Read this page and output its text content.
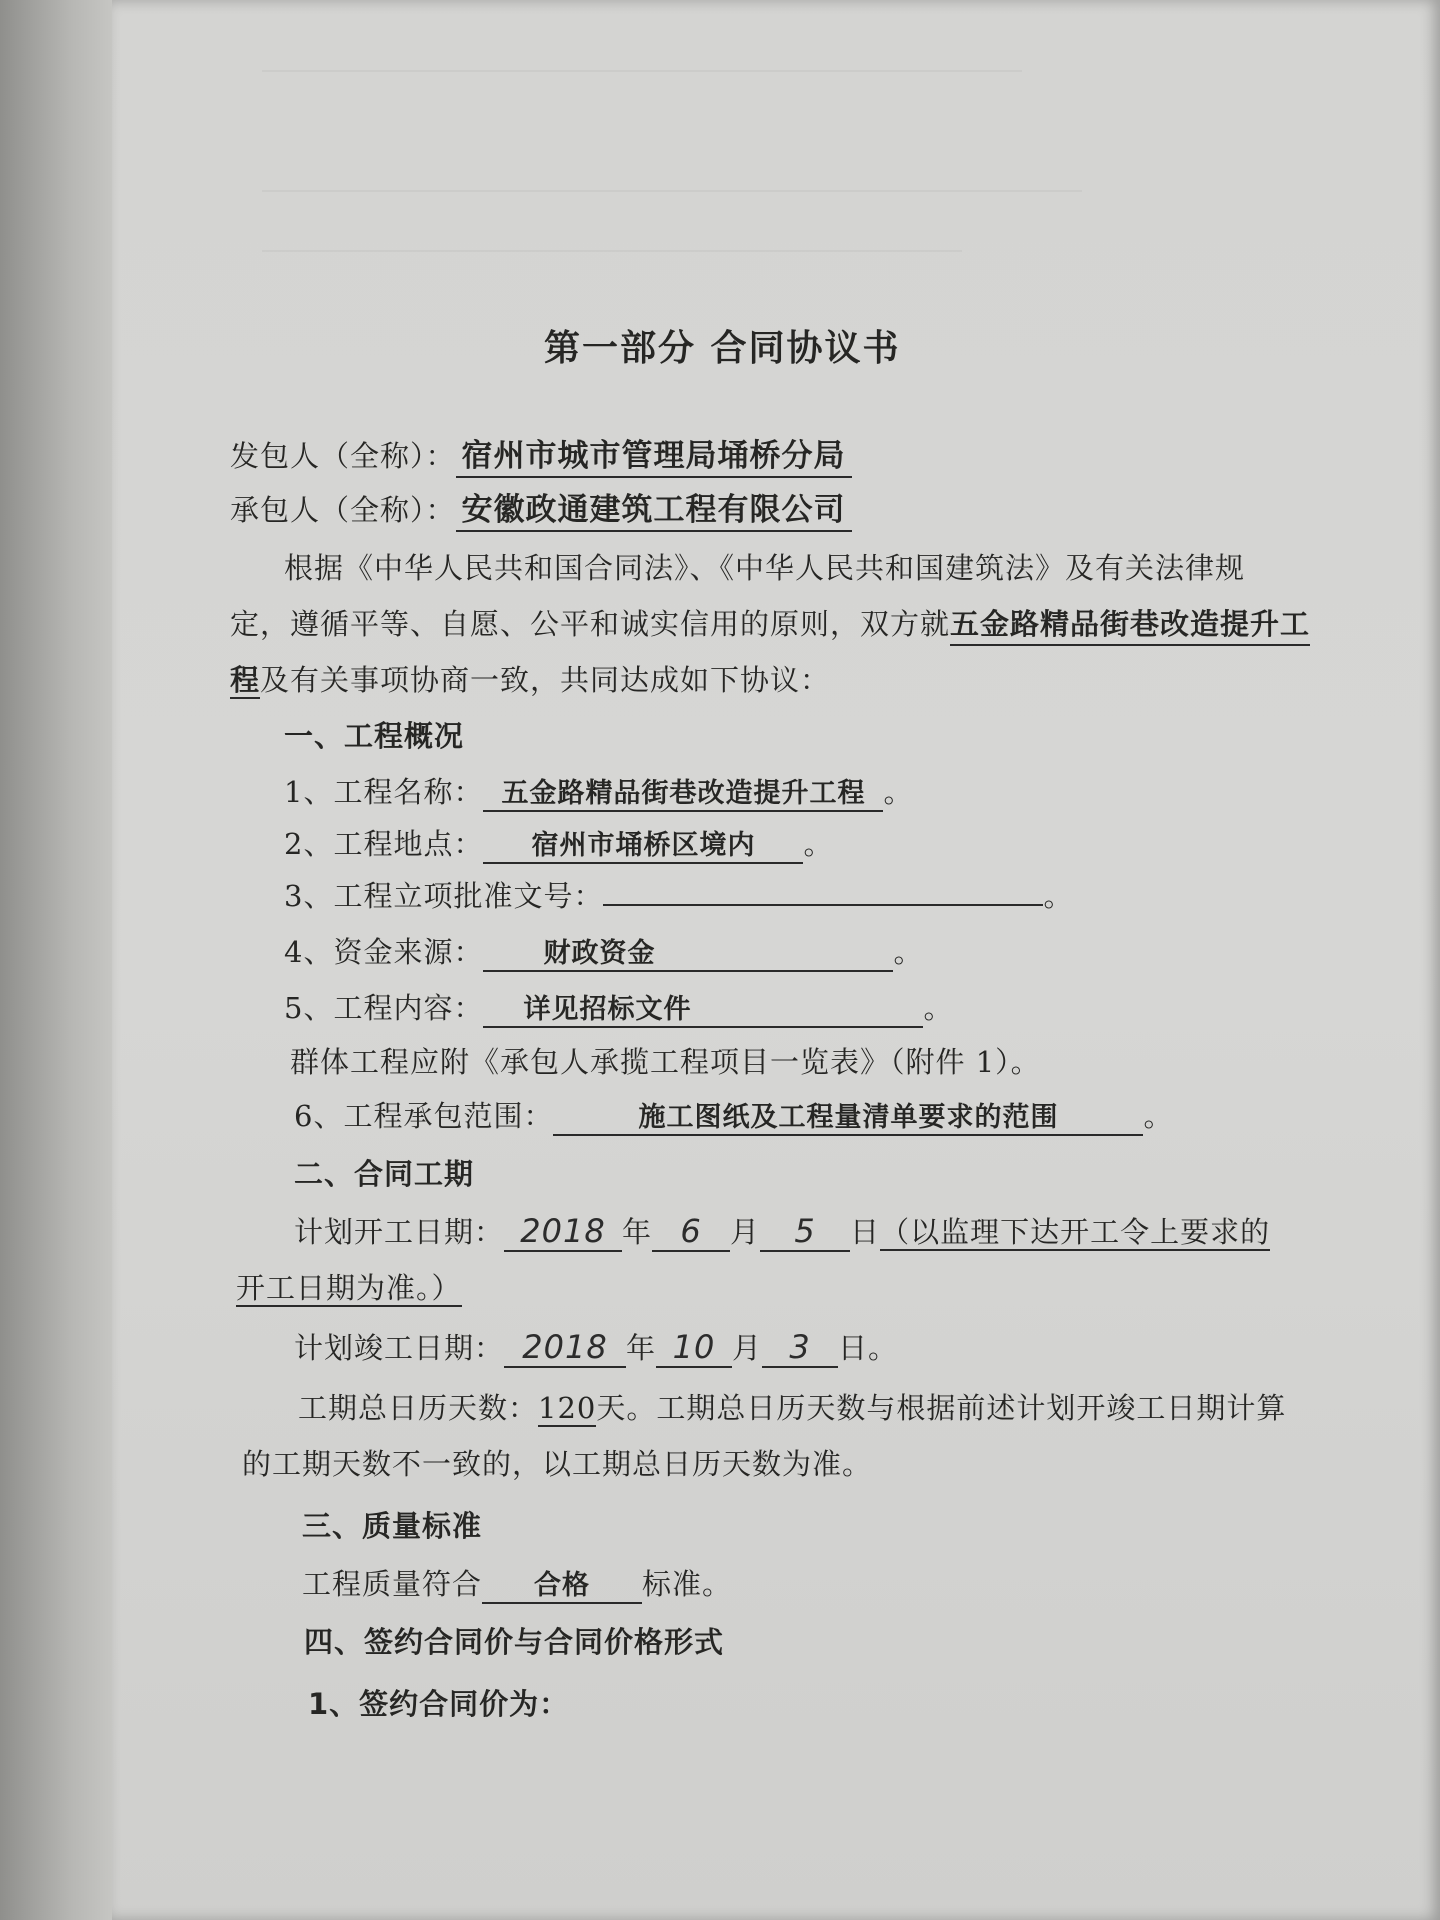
第一部分 合同协议书
发包人（全称）： 宿州市城市管理局埇桥分局
承包人（全称）： 安徽政通建筑工程有限公司
根据《中华人民共和国合同法》、《中华人民共和国建筑法》及有关法律规
定，遵循平等、自愿、公平和诚实信用的原则，双方就五金路精品街巷改造提升工
程及有关事项协商一致，共同达成如下协议：
一、工程概况
1、工程名称： 五金路精品街巷改造提升工程 。
2、工程地点： 宿州市埇桥区境内 。
3、工程立项批准文号：	。
4、资金来源： 财政资金	。
5、工程内容： 详见招标文件	。
群体工程应附《承包人承揽工程项目一览表》（附件 1）。
6、工程承包范围：	施工图纸及工程量清单要求的范围	。
二、合同工期
计划开工日期： 2018 年 6 月 5 日（以监理下达开工令上要求的
开工日期为准。）
计划竣工日期： 2018 年 10 月 3 日。
工期总日历天数：120天。工期总日历天数与根据前述计划开竣工日期计算
的工期天数不一致的，以工期总日历天数为准。
三、质量标准
工程质量符合 合格 标准。
四、签约合同价与合同价格形式
1、签约合同价为：
